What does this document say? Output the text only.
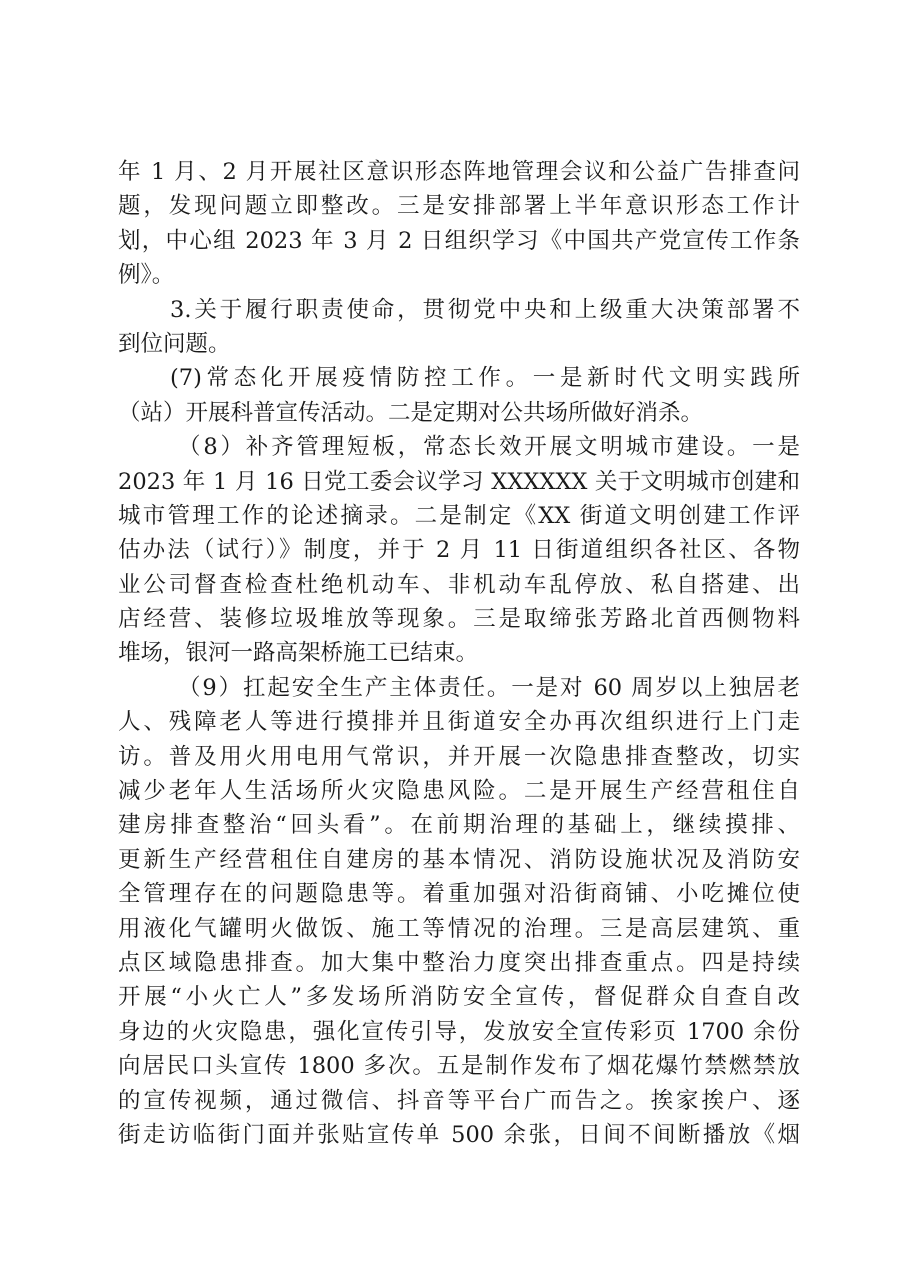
年 1 月、2 月开展社区意识形态阵地管理会议和公益广告排查问
题，发现问题立即整改。三是安排部署上半年意识形态工作计
划，中心组 2023 年 3 月 2 日组织学习《中国共产党宣传工作条
例》。
3.关于履行职责使命，贯彻党中央和上级重大决策部署不
到位问题。
(7)常态化开展疫情防控工作。一是新时代文明实践所
（站）开展科普宣传活动。二是定期对公共场所做好消杀。
（8）补齐管理短板，常态长效开展文明城市建设。一是
2023 年 1 月 16 日党工委会议学习 XXXXXX 关于文明城市创建和
城市管理工作的论述摘录。二是制定《XX 街道文明创建工作评
估办法（试行）》制度，并于 2 月 11 日街道组织各社区、各物
业公司督查检查杜绝机动车、非机动车乱停放、私自搭建、出
店经营、装修垃圾堆放等现象。三是取缔张芳路北首西侧物料
堆场，银河一路高架桥施工已结束。
（9）扛起安全生产主体责任。一是对 60 周岁以上独居老
人、残障老人等进行摸排并且街道安全办再次组织进行上门走
访。普及用火用电用气常识，并开展一次隐患排查整改，切实
减少老年人生活场所火灾隐患风险。二是开展生产经营租住自
建房排查整治“回头看”。在前期治理的基础上，继续摸排、
更新生产经营租住自建房的基本情况、消防设施状况及消防安
全管理存在的问题隐患等。着重加强对沿街商铺、小吃摊位使
用液化气罐明火做饭、施工等情况的治理。三是高层建筑、重
点区域隐患排查。加大集中整治力度突出排查重点。四是持续
开展“小火亡人”多发场所消防安全宣传，督促群众自查自改
身边的火灾隐患，强化宣传引导，发放安全宣传彩页 1700 余份
向居民口头宣传 1800 多次。五是制作发布了烟花爆竹禁燃禁放
的宣传视频，通过微信、抖音等平台广而告之。挨家挨户、逐
街走访临街门面并张贴宣传单 500 余张，日间不间断播放《烟
